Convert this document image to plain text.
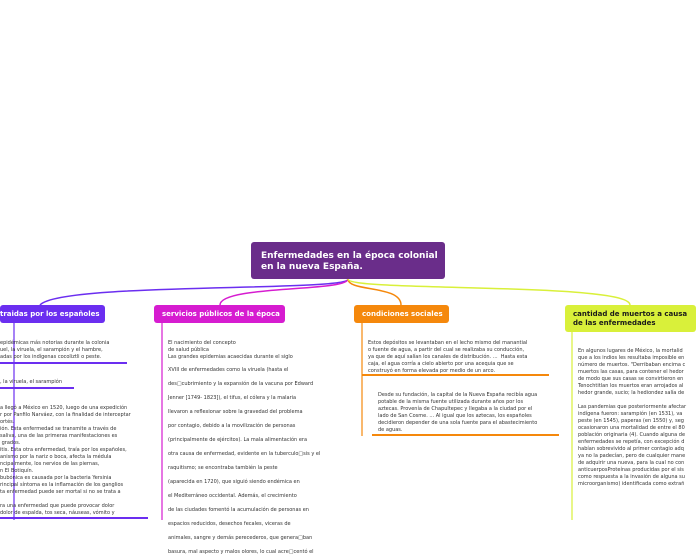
Enfermedades en la época colonial en la nueva España.
traidas por los españoles	servicios públicos de la época	condiciones sociales	cantidad de muertos a causa de las enfermedades
epidémicas más notorias durante la colonia
uel, la viruela, el sarampión y el hambre,
adas por los indígenas cocoliztli o peste.
, la viruela, el sarampión
a llegó a México en 1520, luego de una expedición
r por Panfilo Narváez, con la finalidad de interceptar
ortés.
ión. Esta enfermedad se transmite a través de
saliva, una de las primeras manifestaciones es
grados.
itis. Esta otra enfermedad, traía por los españoles,
anismo por la nariz o boca, afecta la médula
ncipalmente, los nervios de las piernas,
n El Botiquín.
bubónica es causada por la bacteria Yersinia
rincipal síntoma es la inflamación de los ganglios
ta enfermedad puede ser mortal si no se trata a

ra una enfermedad que puede provocar dolor
dolor de espalda, tos seca, náuseas, vómito y
El nacimiento del concepto
de salud pública
Las grandes epidemias acaecidas durante el siglo
XVIII de enfermedades como la viruela (hasta el
des□cubrimiento y la expansión de la vacuna por Edward
Jenner [1749- 1823]), el tifus, el cólera y la malaria
llevaron a reflexionar sobre la gravedad del problema
por contagio, debido a la movilización de personas
(principalmente de ejércitos). La mala alimentación era
otra causa de enfermedad, evidente en la tuberculo□sis y el
raquitismo; se encontraba también la peste
(aparecida en 1720), que siguió siendo endémica en
el Mediterráneo occidental. Además, el crecimiento
de las ciudades fomentó la acumulación de personas en
espacios reducidos, desechos fecales, viceras de
animales, sangre y demás perecederos, que genera□ban
basura, mal aspecto y malos olores, lo cual acre□centó el
Estos depósitos se levantaban en el lecho mismo del manantial
o fuente de agua, a partir del cual se realizaba su conducción,
ya que de aquí salían los canales de distribución. ...  Hasta esta
caja, el agua corría a cielo abierto por una acequia que se
construyó en forma elevada por medio de un arco.
Desde su fundación, la capital de la Nueva España recibía agua
potable de la misma fuente utilizada durante años por los
aztecas. Provenía de Chapultepec y llegaba a la ciudad por el
lado de San Cosme. ... Al igual que los aztecas, los españoles
decidieron depender de una sola fuente para el abastecimiento
de aguas.
En algunos lugares de México, la mortalid
que a los indios les resultaba imposible en
número de muertos. "Derribaban encima c
muertos las casas, para contener el hedor
de modo que sus casas se convirtieron en
Tenochtitlan los muertos eran arrojados al
hedor grande, sucio; la hediondez salía de

Las pandemias que posteriormente afectar
indígena fueron: sarampión (en 1531), va
peste (en 1545), paperas (en 1550) y, seg
ocasionaron una mortalidad de entre el 80
población originaria (4). Cuando alguna de
enfermedades se repetía, con excepción d
habían sobrevivido al primer contagio adq
ya no la padecían, pero de cualquier mane
de adquirir una nueva, para la cual no con
anticuerposProteínas producidas por el sis
como respuesta a la invasión de alguna su
microorganismo) identificada como extrañ
